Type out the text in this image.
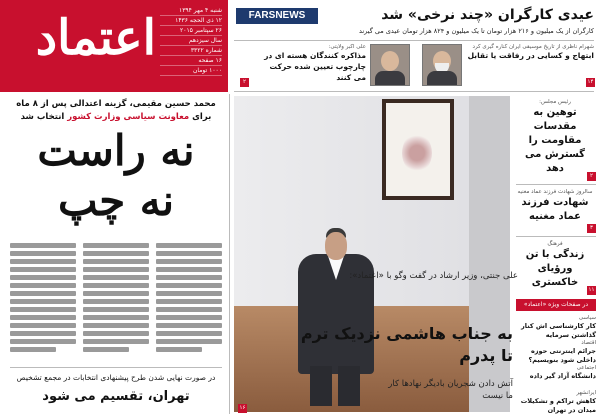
اعتماد	شنبه ۴ مهر ۱۳۹۴
۱۲ ذی الحجه ۱۴۳۶
۲۶ سپتامبر ۲۰۱۵
سال سیزدهم
شماره ۳۳۲۲
۱۶ صفحه
۱۰۰۰ تومان
FARSNEWS	عیدی کارگران «چند نرخی» شد
کارگران از یک میلیون و ۲۱۶ هزار تومان تا یک میلیون و ۸۲۴ هزار تومان عیدی می گیرند
علی اکبر ولایتی:
مذاکره کنندگان هسته ای در چارچوب تعیین شده حرکت می کنند
۲
شهرام ناظری از تاریخ موسیقی ایران کناره گیری کرد
ابتهاج و کسایی در رفاقت یا تقابل
۱۴
محمد حسین مقیمی، گزینه اعتدالی پس از ۸ ماه
برای معاونت سیاسی وزارت کشور انتخاب شد
نه راست
نه چپ
در صورت نهایی شدن طرح پیشنهادی انتخابات در مجمع تشخیص
تهران، تقسیم می شود
علی جنتی، وزیر ارشاد در گفت وگو با «اعتماد»:
به جناب هاشمی نزدیک ترم تا پدرم
آتش دادن شجریان بادیگر نهادها کار ما نیست
۱۶
رئیس مجلس:
توهین به مقدسات مقاومت را گسترش می دهد
۲
سالروز شهادت فرزند عماد مغنیه
شهادت فرزند عماد مغنیه
۳
فرهنگ
زندگی با تن ورؤیای خاکستری
۱۱
در صفحات ویژه «اعتماد» بخوانید	سیاسی
کار کارشناسی اش کنار گذاشتن سرمایه
اقتصاد
جرائم اینترنتی حوزه داخلی شود بنویسیم؟
اجتماعی
دانشگاه آزاد گیر داده
ایرانشهر
کاهش تراکم و تشکیلات میدان در تهران
